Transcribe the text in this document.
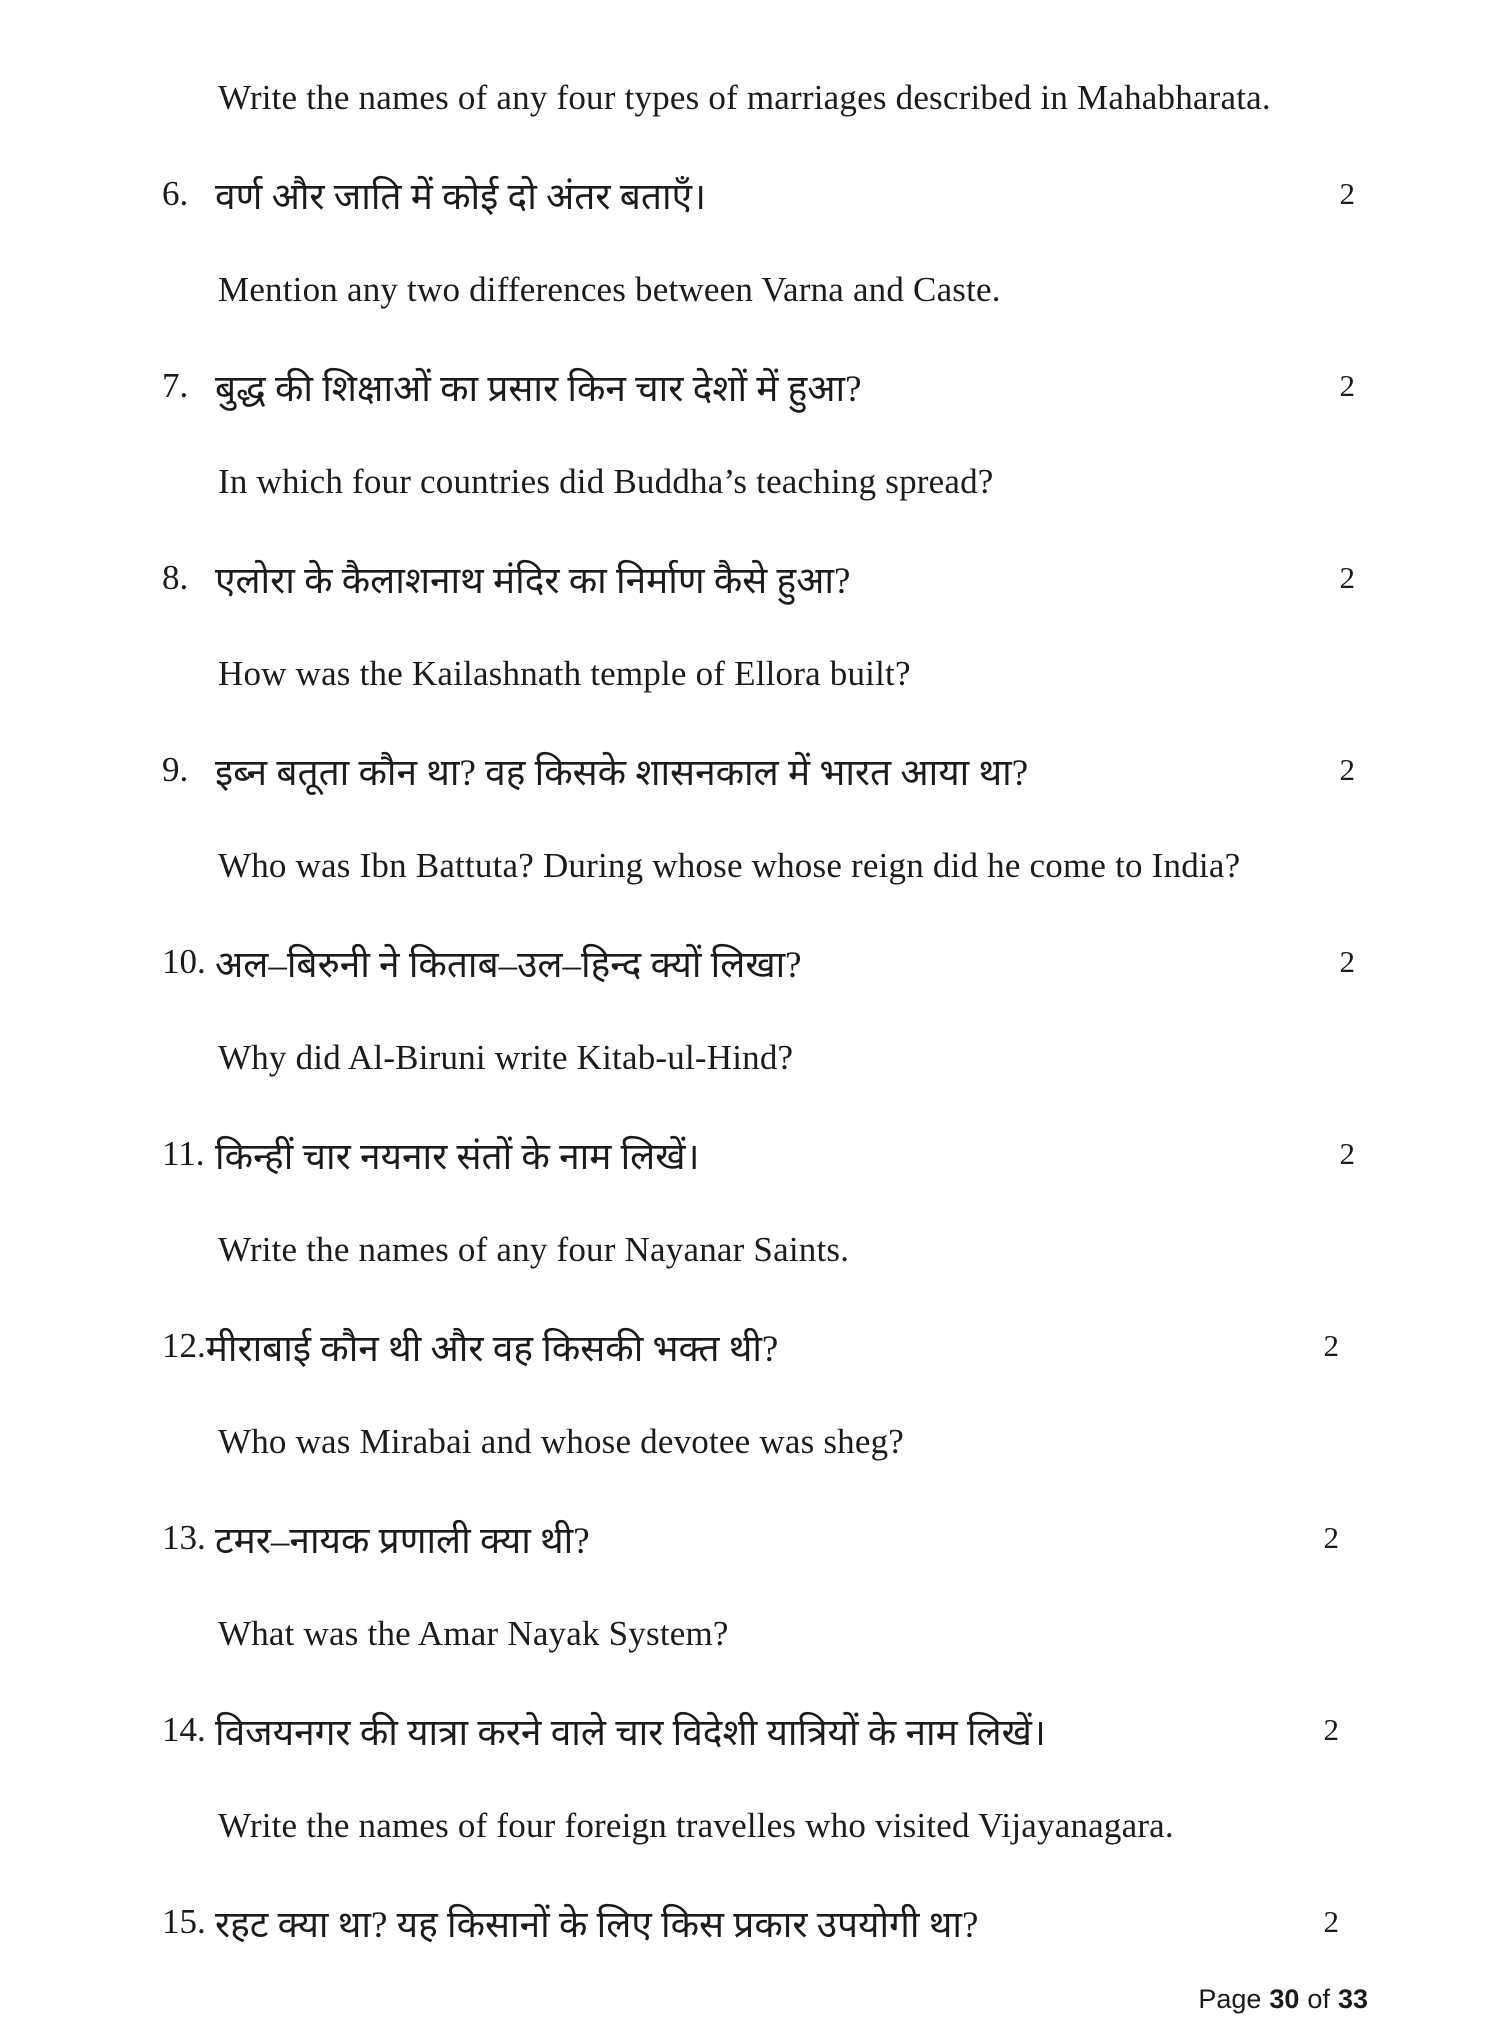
Write the names of any four types of marriages described in Mahabharata.
6. वर्ण और जाति में कोई दो अंतर बताएँ।	2
Mention any two differences between Varna and Caste.
7. बुद्ध की शिक्षाओं का प्रसार किन चार देशों में हुआ?	2
In which four countries did Buddha’s teaching spread?
8. एलोरा के कैलाशनाथ मंदिर का निर्माण कैसे हुआ?	2
How was the Kailashnath temple of Ellora built?
9. इब्न बतूता कौन था? वह किसके शासनकाल में भारत आया था?	2
Who was Ibn Battuta? During whose whose reign did he come to India?
10. अल–बिरुनी ने किताब–उल–हिन्द क्यों लिखा?	2
Why did Al-Biruni write Kitab-ul-Hind?
11. किन्हीं चार नयनार संतों के नाम लिखें।	2
Write the names of any four Nayanar Saints.
12. मीराबाई कौन थी और वह किसकी भक्त थी?	2
Who was Mirabai and whose devotee was sheg?
13. टमर–नायक प्रणाली क्या थी?	2
What was the Amar Nayak System?
14. विजयनगर की यात्रा करने वाले चार विदेशी यात्रियों के नाम लिखें।	2
Write the names of four foreign travelles who visited Vijayanagara.
15. रहट क्या था? यह किसानों के लिए किस प्रकार उपयोगी था?	2
Page 30 of 33
